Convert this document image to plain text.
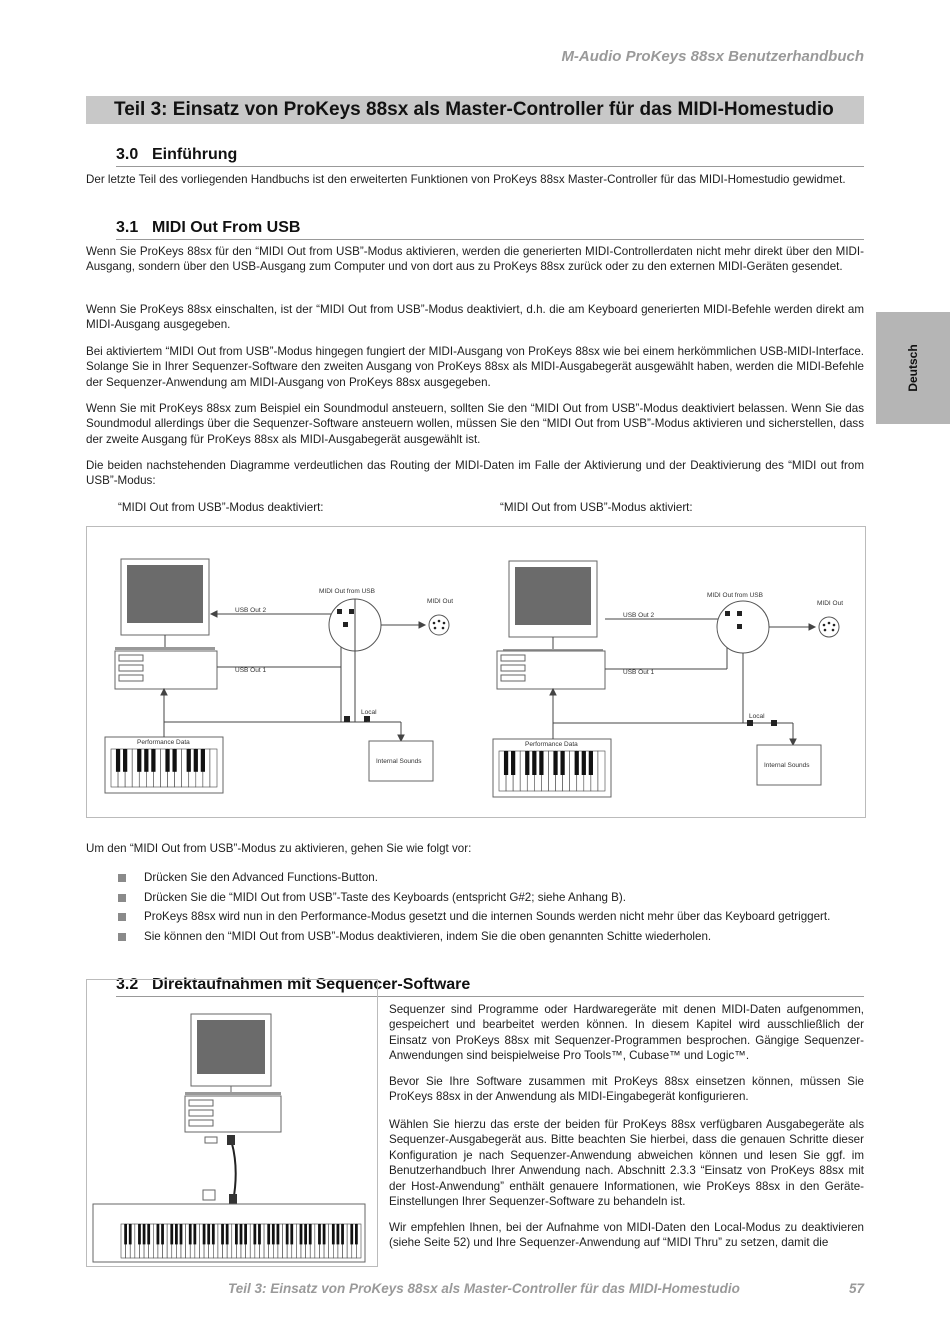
M-Audio ProKeys 88sx Benutzerhandbuch
Teil 3: Einsatz von ProKeys 88sx als Master-Controller für das MIDI-Homestudio
Deutsch
3.0 Einführung
Der letzte Teil des vorliegenden Handbuchs ist den erweiterten Funktionen von ProKeys 88sx Master-Controller für das MIDI-Homestudio gewidmet.
3.1 MIDI Out From USB
Wenn Sie ProKeys 88sx für den “MIDI Out from USB”-Modus aktivieren, werden die generierten MIDI-Controllerdaten nicht mehr direkt über den MIDI-Ausgang, sondern über den USB-Ausgang zum Computer und von dort aus zu ProKeys 88sx zurück oder zu den externen MIDI-Geräten gesendet.
Wenn Sie ProKeys 88sx einschalten, ist der “MIDI Out from USB”-Modus deaktiviert, d.h. die am Keyboard generierten MIDI-Befehle werden direkt am MIDI-Ausgang ausgegeben.
Bei aktiviertem “MIDI Out from USB”-Modus hingegen fungiert der MIDI-Ausgang von ProKeys 88sx wie bei einem herkömmlichen USB-MIDI-Interface. Solange Sie in Ihrer Sequenzer-Software den zweiten Ausgang von ProKeys 88sx als MIDI-Ausgabegerät ausgewählt haben, werden die MIDI-Befehle der Sequenzer-Anwendung am MIDI-Ausgang von ProKeys 88sx ausgegeben.
Wenn Sie mit ProKeys 88sx zum Beispiel ein Soundmodul ansteuern, sollten Sie den “MIDI Out from USB”-Modus deaktiviert belassen. Wenn Sie das Soundmodul allerdings über die Sequenzer-Software ansteuern wollen, müssen Sie den “MIDI Out from USB”-Modus aktivieren und sicherstellen, dass der zweite Ausgang für ProKeys 88sx als MIDI-Ausgabegerät ausgewählt ist.
Die beiden nachstehenden Diagramme verdeutlichen das Routing der MIDI-Daten im Falle der Aktivierung und der Deaktivierung des “MIDI out from USB”-Modus:
“MIDI Out from USB”-Modus deaktiviert:	“MIDI Out from USB”-Modus aktiviert:
MIDI Out from USB
MIDI Out
USB Out 2
USB Out 1
Local
Performance Data
Internal Sounds
MIDI Out from USB
MIDI Out
USB Out 2
USB Out 1
Local
Performance Data
Internal Sounds
Um den “MIDI Out from USB”-Modus zu aktivieren, gehen Sie wie folgt vor:
Drücken Sie den Advanced Functions-Button.
Drücken Sie die “MIDI Out from USB”-Taste des Keyboards (entspricht G#2; siehe Anhang B).
ProKeys 88sx wird nun in den Performance-Modus gesetzt und die internen Sounds werden nicht mehr über das Keyboard getriggert.
Sie können den “MIDI Out from USB”-Modus deaktivieren, indem Sie die oben genannten Schitte wiederholen.
3.2 Direktaufnahmen mit Sequencer-Software
Sequenzer sind Programme oder Hardwaregeräte mit denen MIDI-Daten aufgenommen, gespeichert und bearbeitet werden können. In diesem Kapitel wird ausschließlich der Einsatz von ProKeys 88sx mit Sequenzer-Programmen besprochen. Gängige Sequenzer-Anwendungen sind beispielweise Pro Tools™, Cubase™ und Logic™.
Bevor Sie Ihre Software zusammen mit ProKeys 88sx einsetzen können, müssen Sie ProKeys 88sx in der Anwendung als MIDI-Eingabegerät konfigurieren.
Wählen Sie hierzu das erste der beiden für ProKeys 88sx verfügbaren Ausgabegeräte als Sequenzer-Ausgabegerät aus. Bitte beachten Sie hierbei, dass die genauen Schritte dieser Konfiguration je nach Sequenzer-Anwendung abweichen können und lesen Sie ggf. im Benutzerhandbuch Ihrer Anwendung nach. Abschnitt 2.3.3 “Einsatz von ProKeys 88sx mit der Host-Anwendung” enthält genauere Informationen, wie ProKeys 88sx in den Geräte-Einstellungen Ihrer Sequenzer-Software zu behandeln ist.
Wir empfehlen Ihnen, bei der Aufnahme von MIDI-Daten den Local-Modus zu deaktivieren (siehe Seite 52) und Ihre Sequenzer-Anwendung auf “MIDI Thru” zu setzen, damit die
Teil 3: Einsatz von ProKeys 88sx als Master-Controller für das MIDI-Homestudio	57
